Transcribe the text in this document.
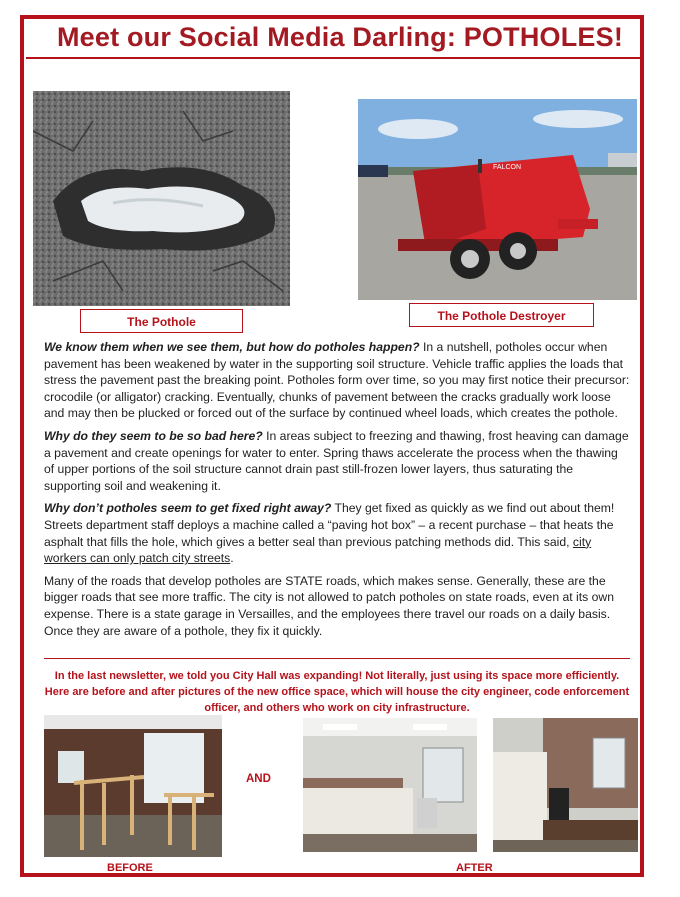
Meet our Social Media Darling: POTHOLES!
The Pothole
FALCON
The Pothole Destroyer

We know them when we see them, but how do potholes happen? In a nutshell, potholes occur when pavement has been weakened by water in the supporting soil structure. Vehicle traffic applies the loads that stress the pavement past the breaking point. Potholes form over time, so you may first notice their precursor: crocodile (or alligator) cracking. Eventually, chunks of pavement between the cracks gradually work loose and may then be plucked or forced out of the surface by continued wheel loads, which creates the pothole.

Why do they seem to be so bad here? In areas subject to freezing and thawing, frost heaving can damage a pavement and create openings for water to enter. Spring thaws accelerate the process when the thawing of upper portions of the soil structure cannot drain past still-frozen lower layers, thus saturating the supporting soil and weakening it.

Why don’t potholes seem to get fixed right away? They get fixed as quickly as we find out about them! Streets department staff deploys a machine called a “paving hot box” – a recent purchase – that heats the asphalt that fills the hole, which gives a better seal than previous patching methods did. This said, city workers can only patch city streets.

Many of the roads that develop potholes are STATE roads, which makes sense. Generally, these are the bigger roads that see more traffic. The city is not allowed to patch potholes on state roads, even at its own expense. There is a state garage in Versailles, and the employees there travel our roads on a daily basis. Once they are aware of a pothole, they fix it quickly.

In the last newsletter, we told you City Hall was expanding! Not literally, just using its space more efficiently. Here are before and after pictures of the new office space, which will house the city engineer, code enforcement officer, and others who work on city infrastructure.
AND
BEFORE	AFTER
